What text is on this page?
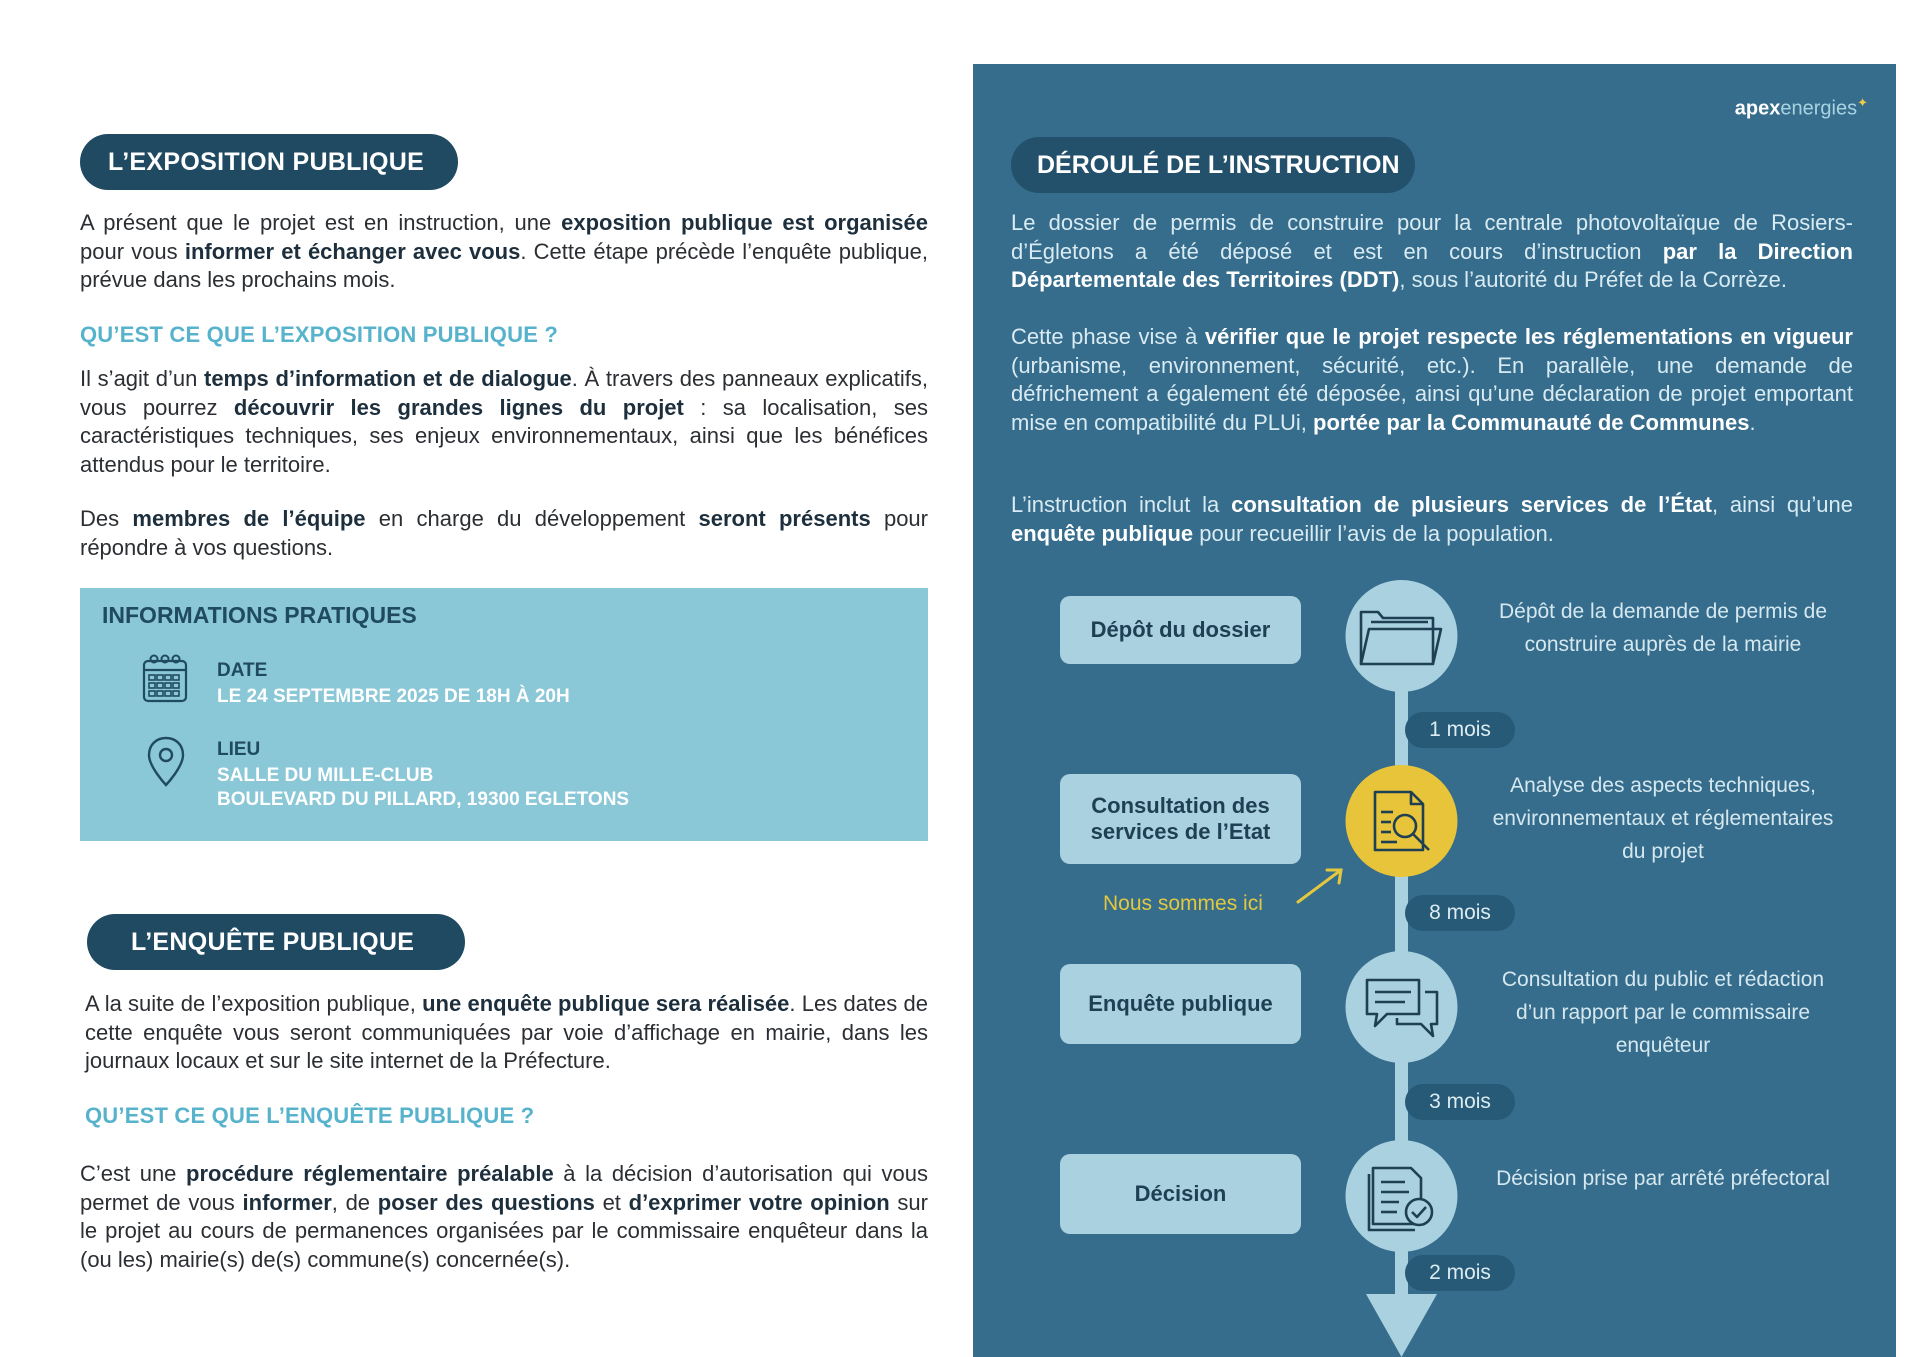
L’EXPOSITION PUBLIQUE

A présent que le projet est en instruction, une exposition publique est organisée pour vous informer et échanger avec vous. Cette étape précède l’enquête publique, prévue dans les prochains mois.

QU’EST CE QUE L’EXPOSITION PUBLIQUE ?

Il s’agit d’un temps d’information et de dialogue. À travers des panneaux explicatifs, vous pourrez découvrir les grandes lignes du projet : sa localisation, ses caractéristiques techniques, ses enjeux environnementaux, ainsi que les bénéfices attendus pour le territoire.

Des membres de l’équipe en charge du développement seront présents pour répondre à vos questions.

INFORMATIONS PRATIQUES
DATE
LE 24 SEPTEMBRE 2025 DE 18H À 20H
LIEU
SALLE DU MILLE-CLUB
BOULEVARD DU PILLARD, 19300 EGLETONS
L’ENQUÊTE PUBLIQUE

A la suite de l’exposition publique, une enquête publique sera réalisée. Les dates de cette enquête vous seront communiquées par voie d’affichage en mairie, dans les journaux locaux et sur le site internet de la Préfecture.

QU’EST CE QUE L’ENQUÊTE PUBLIQUE ?

C’est une procédure réglementaire préalable à la décision d’autorisation qui vous permet de vous informer, de poser des questions et d’exprimer votre opinion sur le projet au cours de permanences organisées par le commissaire enquêteur dans la (ou les) mairie(s) de(s) commune(s) concernée(s).

apexenergies✦
DÉROULÉ DE L’INSTRUCTION

Le dossier de permis de construire pour la centrale photovoltaïque de Rosiers-d’Égletons a été déposé et est en cours d’instruction par la Direction Départementale des Territoires (DDT), sous l’autorité du Préfet de la Corrèze.

Cette phase vise à vérifier que le projet respecte les réglementations en vigueur (urbanisme, environnement, sécurité, etc.). En parallèle, une demande de défrichement a également été déposée, ainsi qu’une déclaration de projet emportant mise en compatibilité du PLUi, portée par la Communauté de Communes.

L’instruction inclut la consultation de plusieurs services de l’État, ainsi qu’une enquête publique pour recueillir l’avis de la population.

Dépôt du dossier
Consultation des services de l’Etat
Enquête publique
Décision
Dépôt de la demande de permis de construire auprès de la mairie
Analyse des aspects techniques, environnementaux et réglementaires du projet
Consultation du public et rédaction d’un rapport par le commissaire enquêteur
Décision prise par arrêté préfectoral
1 mois
8 mois
3 mois
2 mois
Nous sommes ici
